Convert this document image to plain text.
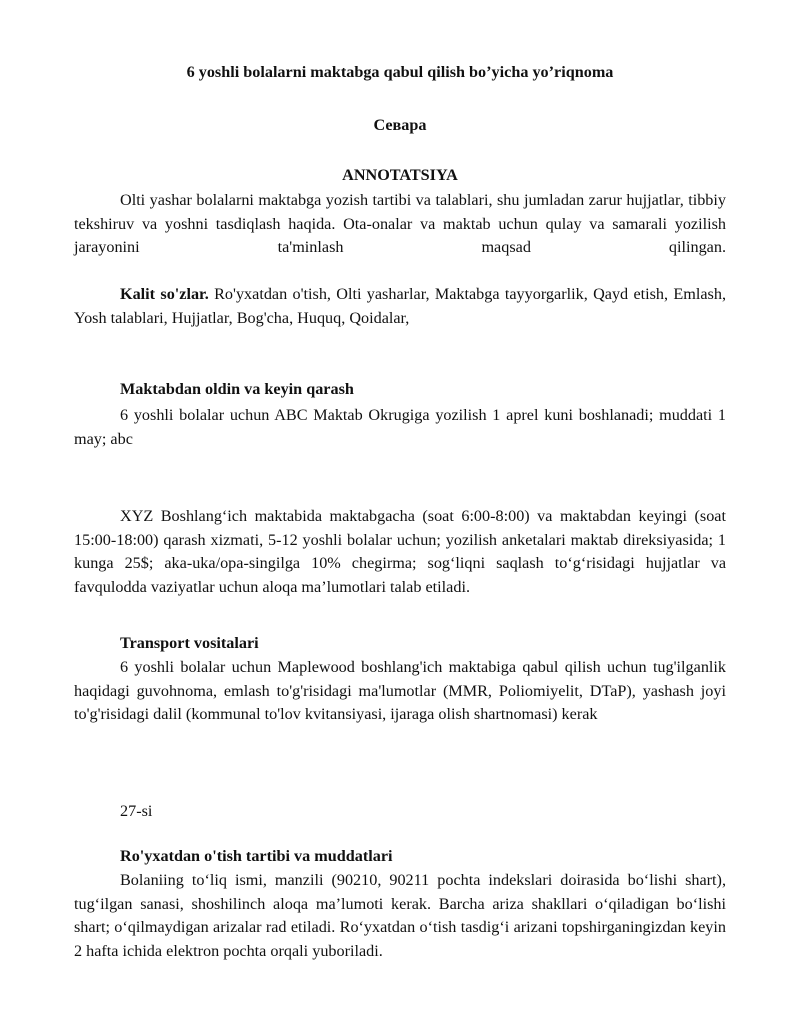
6 yoshli bolalarni maktabga qabul qilish bo’yicha yo’riqnoma
Севара
ANNOTATSIYA

Olti yashar bolalarni maktabga yozish tartibi va talablari, shu jumladan zarur hujjatlar, tibbiy tekshiruv va yoshni tasdiqlash haqida. Ota-onalar va maktab uchun qulay va samarali yozilish jarayonini ta'minlash maqsad qilingan.

Kalit so'zlar. Ro'yxatdan o'tish, Olti yasharlar, Maktabga tayyorgarlik, Qayd etish, Emlash, Yosh talablari, Hujjatlar, Bog'cha, Huquq, Qoidalar,

Maktabdan oldin va keyin qarash

6 yoshli bolalar uchun ABC Maktab Okrugiga yozilish 1 aprel kuni boshlanadi; muddati 1 may; abc

XYZ Boshlang‘ich maktabida maktabgacha (soat 6:00-8:00) va maktabdan keyingi (soat 15:00-18:00) qarash xizmati, 5-12 yoshli bolalar uchun; yozilish anketalari maktab direksiyasida; 1 kunga 25$; aka-uka/opa-singilga 10% chegirma; sog‘liqni saqlash to‘g‘risidagi hujjatlar va favqulodda vaziyatlar uchun aloqa ma’lumotlari talab etiladi.

Transport vositalari

6 yoshli bolalar uchun Maplewood boshlang'ich maktabiga qabul qilish uchun tug'ilganlik haqidagi guvohnoma, emlash to'g'risidagi ma'lumotlar (MMR, Poliomiyelit, DTaP), yashash joyi to'g'risidagi dalil (kommunal to'lov kvitansiyasi, ijaraga olish shartnomasi) kerak

27-si
Ro'yxatdan o'tish tartibi va muddatlari

Bolaniing to‘liq ismi, manzili (90210, 90211 pochta indekslari doirasida bo‘lishi shart), tug‘ilgan sanasi, shoshilinch aloqa ma’lumoti kerak. Barcha ariza shakllari o‘qiladigan bo‘lishi shart; o‘qilmaydigan arizalar rad etiladi. Ro‘yxatdan o‘tish tasdig‘i arizani topshirganingizdan keyin 2 hafta ichida elektron pochta orqali yuboriladi.
